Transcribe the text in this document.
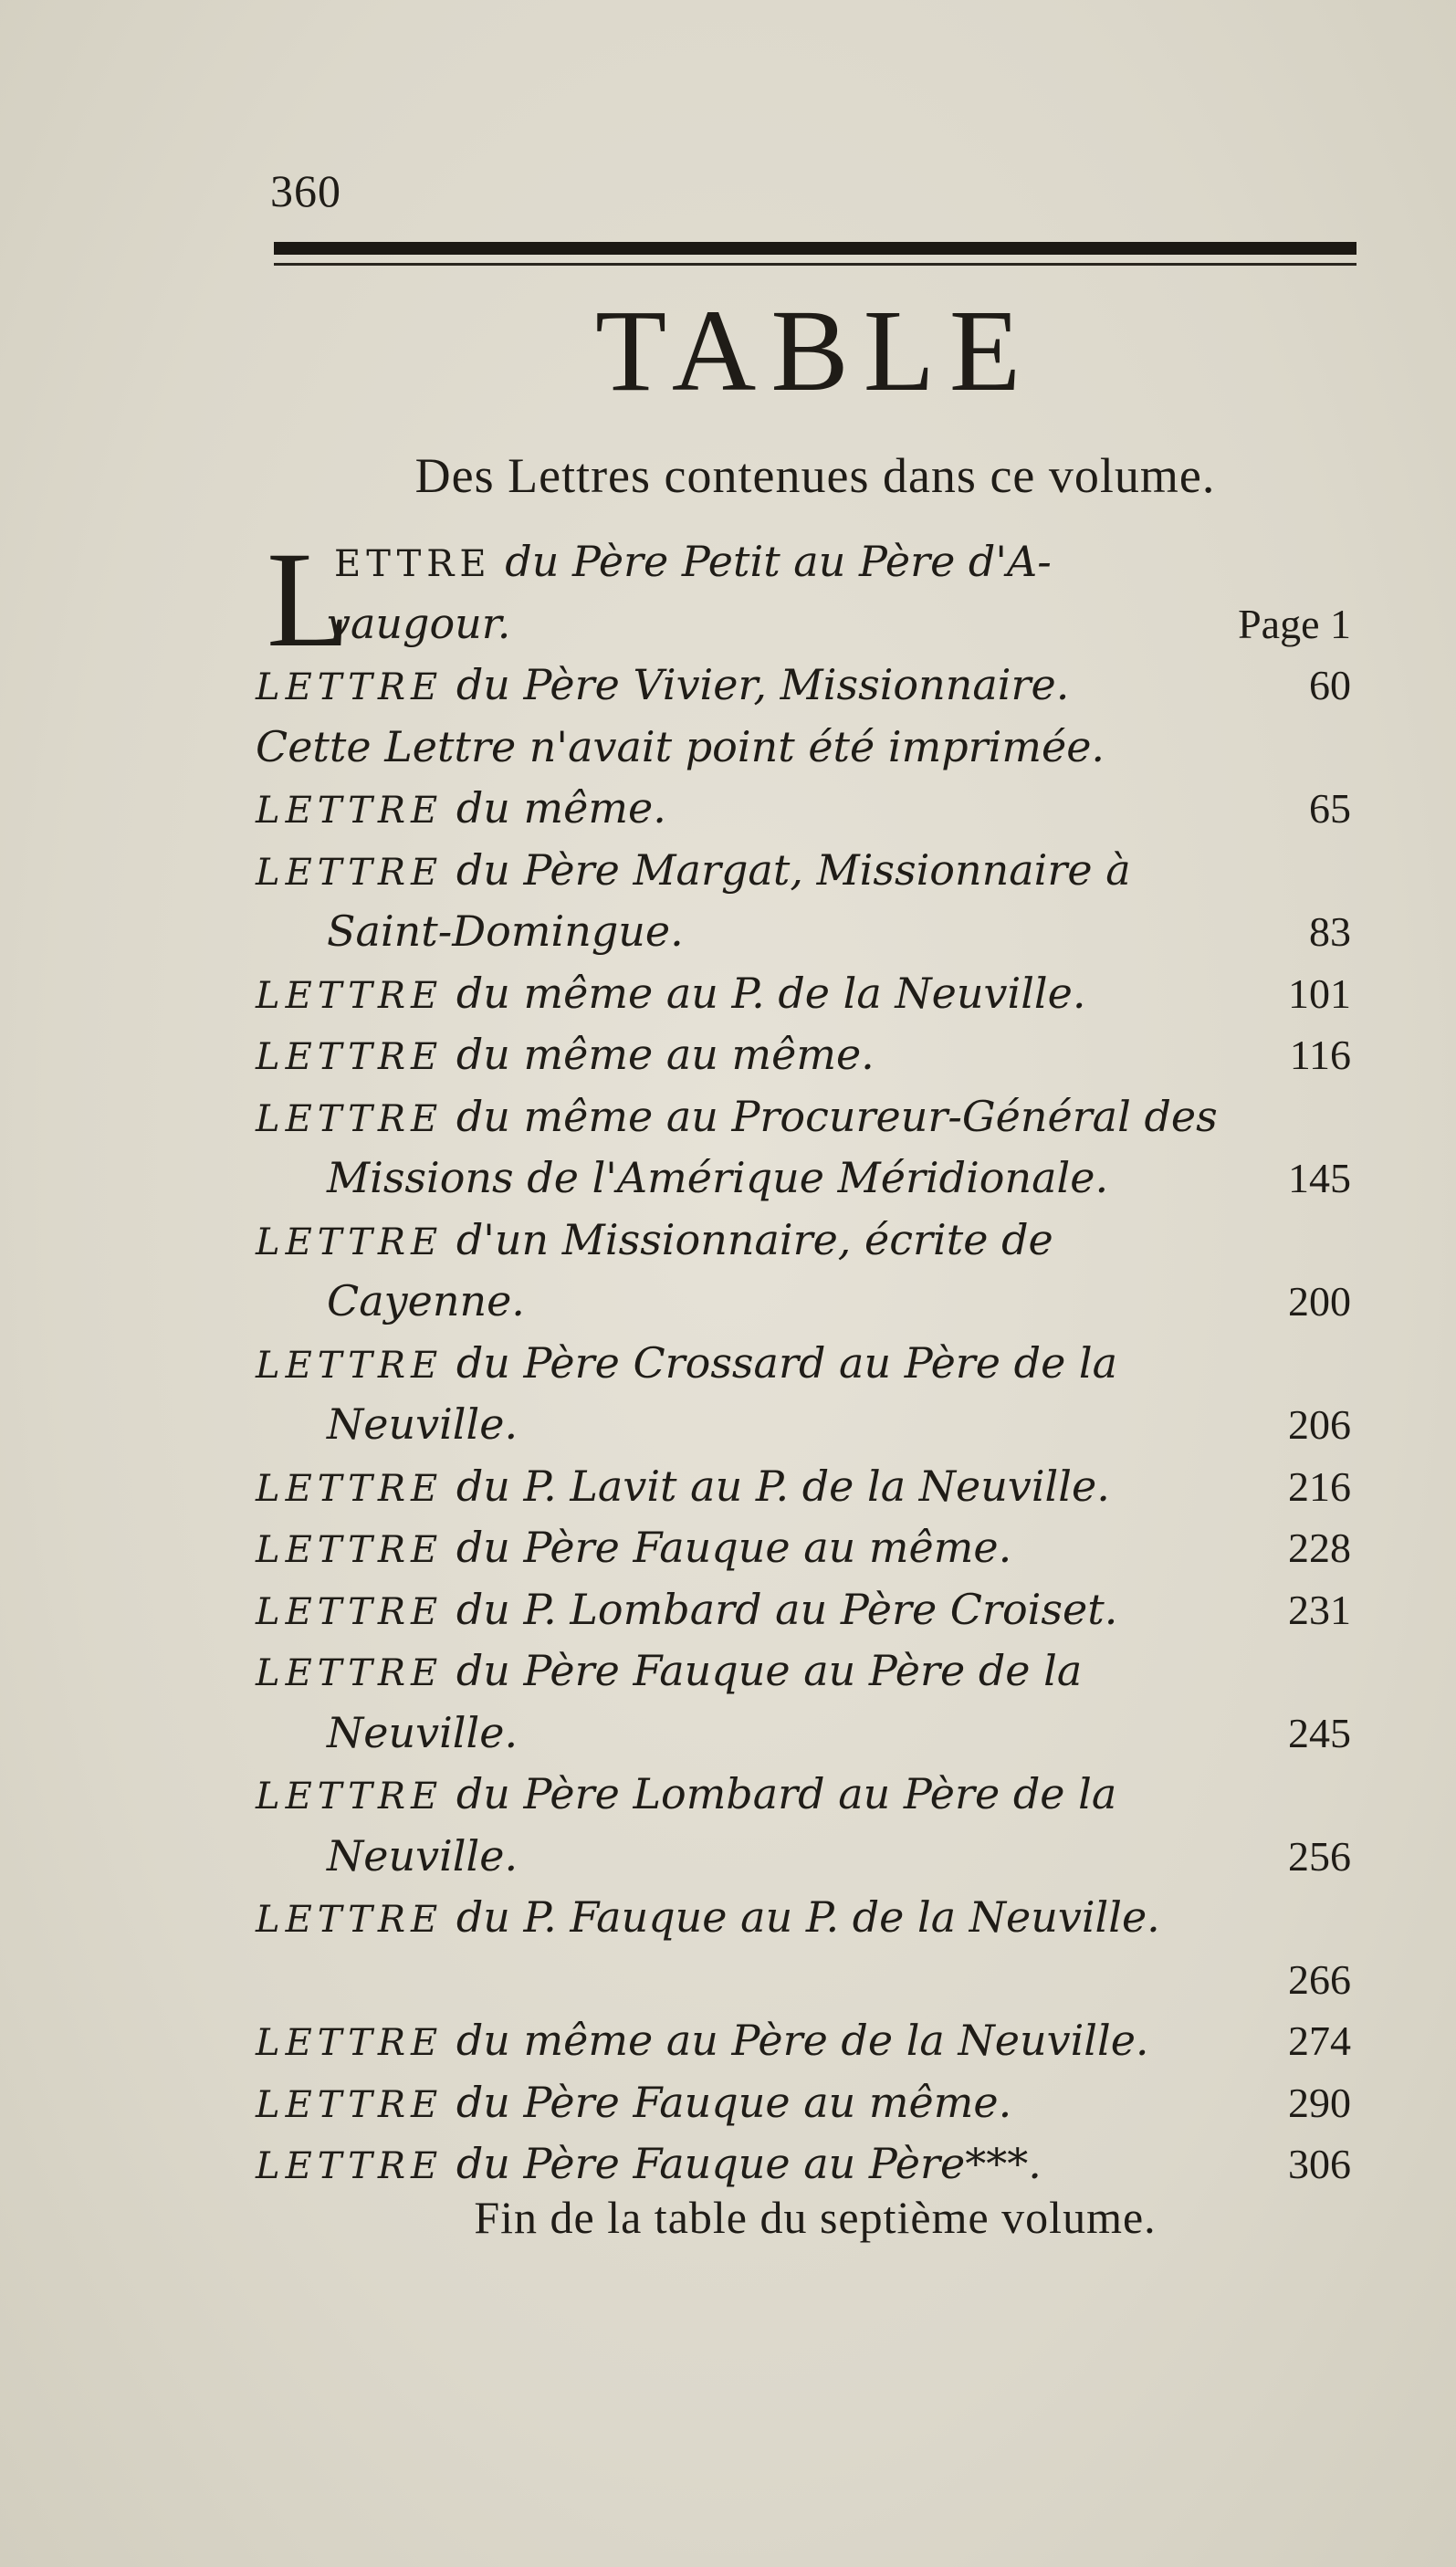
360
TABLE
Des Lettres contenues dans ce volume.
L
ETTRE du Père Petit au Père d'A-
vaugour.	Page 1
LETTRE du Père Vivier, Missionnaire.	60
Cette Lettre n'avait point été imprimée.
LETTRE du même.	65
LETTRE du Père Margat, Missionnaire à
Saint-Domingue.	83
LETTRE du même au P. de la Neuville.	101
LETTRE du même au même.	116
LETTRE du même au Procureur-Général des
Missions de l'Amérique Méridionale.	145
LETTRE d'un Missionnaire, écrite de
Cayenne.	200
LETTRE du Père Crossard au Père de la
Neuville.	206
LETTRE du P. Lavit au P. de la Neuville.	216
LETTRE du Père Fauque au même.	228
LETTRE du P. Lombard au Père Croiset.	231
LETTRE du Père Fauque au Père de la
Neuville.	245
LETTRE du Père Lombard au Père de la
Neuville.	256
LETTRE du P. Fauque au P. de la Neuville.
266
LETTRE du même au Père de la Neuville.	274
LETTRE du Père Fauque au même.	290
LETTRE du Père Fauque au Père***.	306
Fin de la table du septième volume.
